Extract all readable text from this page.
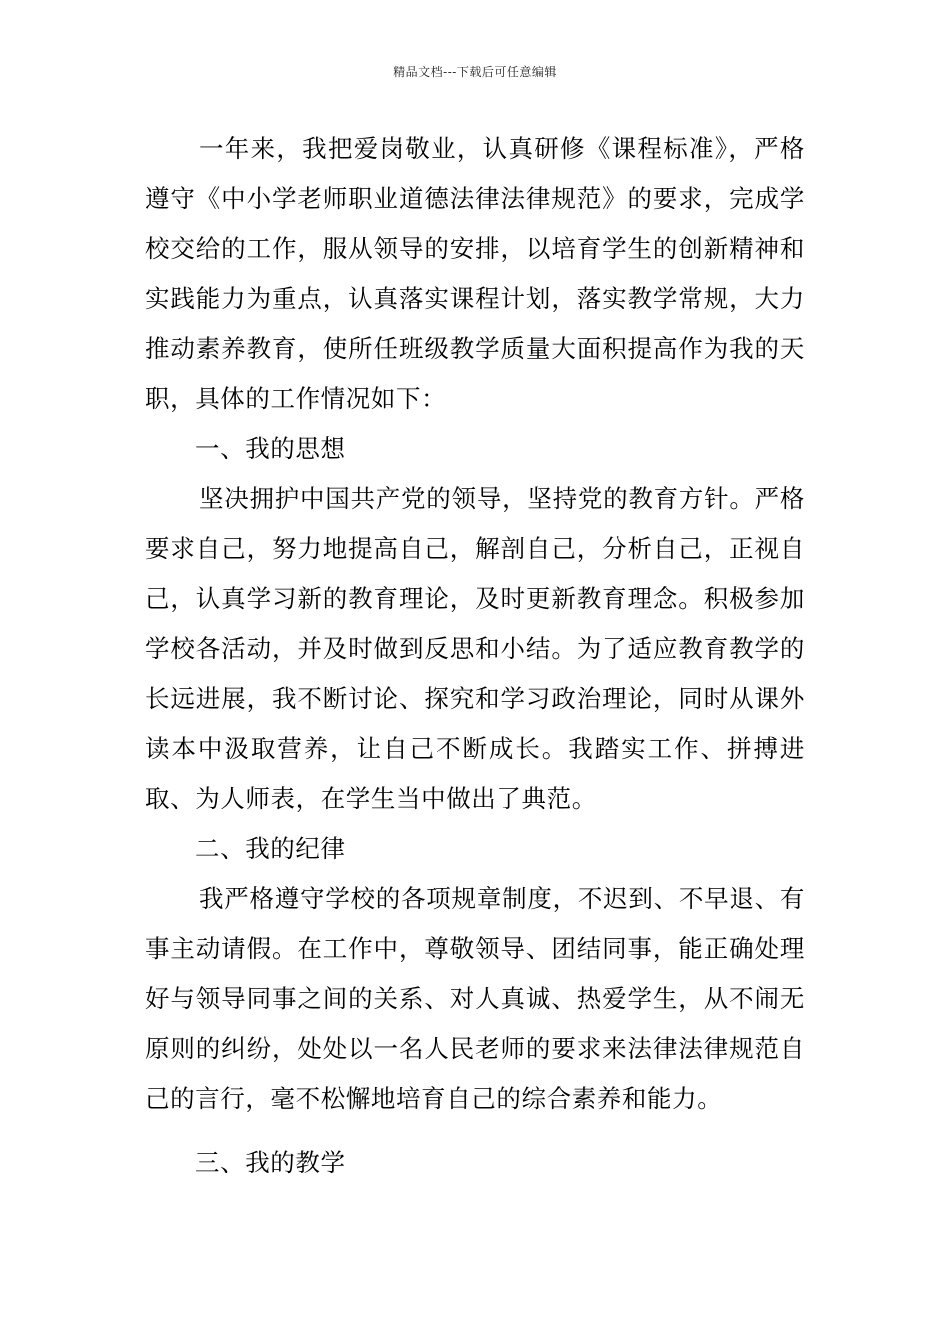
精品文档---下载后可任意编辑

一年来，我把爱岗敬业，认真研修《课程标准》，严格遵守《中小学老师职业道德法律法律规范》的要求，完成学校交给的工作，服从领导的安排，以培育学生的创新精神和实践能力为重点，认真落实课程计划，落实教学常规，大力推动素养教育，使所任班级教学质量大面积提高作为我的天职，具体的工作情况如下：

一、我的思想

坚决拥护中国共产党的领导，坚持党的教育方针。严格要求自己，努力地提高自己，解剖自己，分析自己，正视自己，认真学习新的教育理论，及时更新教育理念。积极参加学校各活动，并及时做到反思和小结。为了适应教育教学的长远进展，我不断讨论、探究和学习政治理论，同时从课外读本中汲取营养，让自己不断成长。我踏实工作、拼搏进取、为人师表，在学生当中做出了典范。

二、我的纪律

我严格遵守学校的各项规章制度，不迟到、不早退、有事主动请假。在工作中，尊敬领导、团结同事，能正确处理好与领导同事之间的关系、对人真诚、热爱学生，从不闹无原则的纠纷，处处以一名人民老师的要求来法律法律规范自己的言行，毫不松懈地培育自己的综合素养和能力。

三、我的教学
